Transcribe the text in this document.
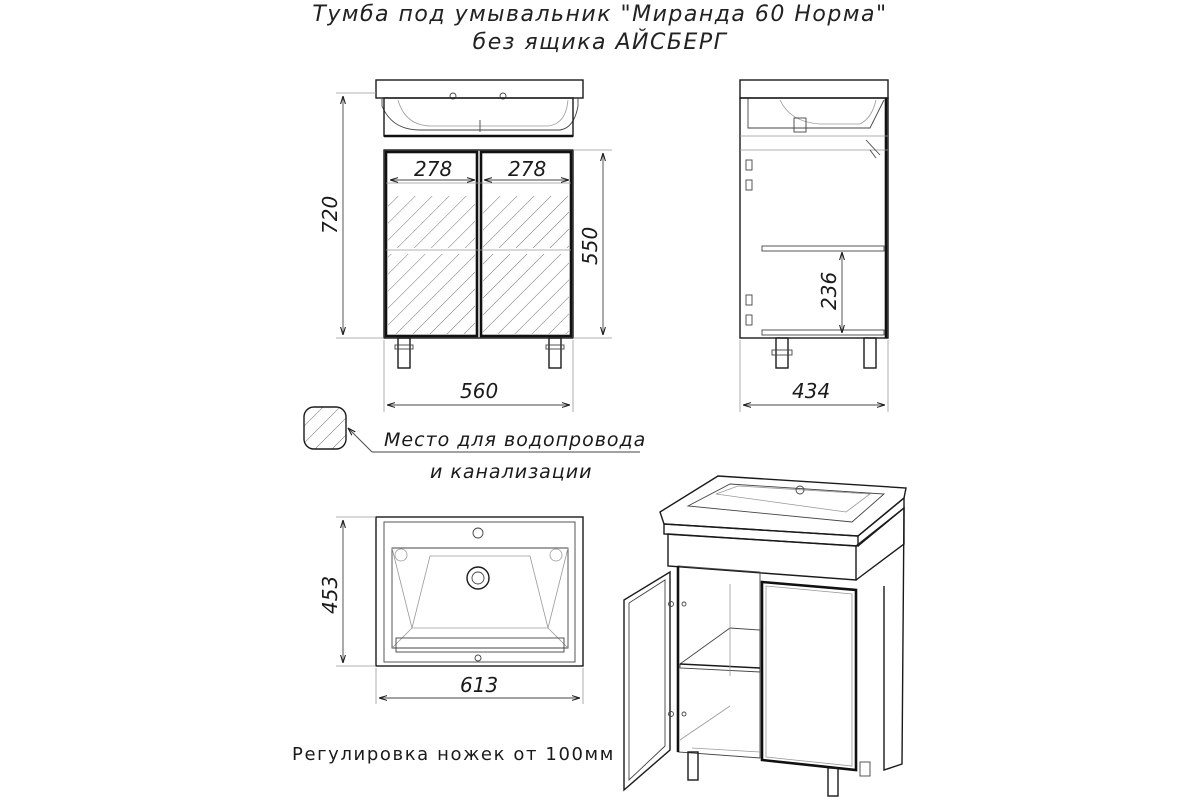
Тумба под умывальник "Миранда 60 Норма"
без ящика АЙСБЕРГ
278	278
720
550
560
236
434
Место для водопровода
и канализации
453
613
Регулировка ножек от 100мм
